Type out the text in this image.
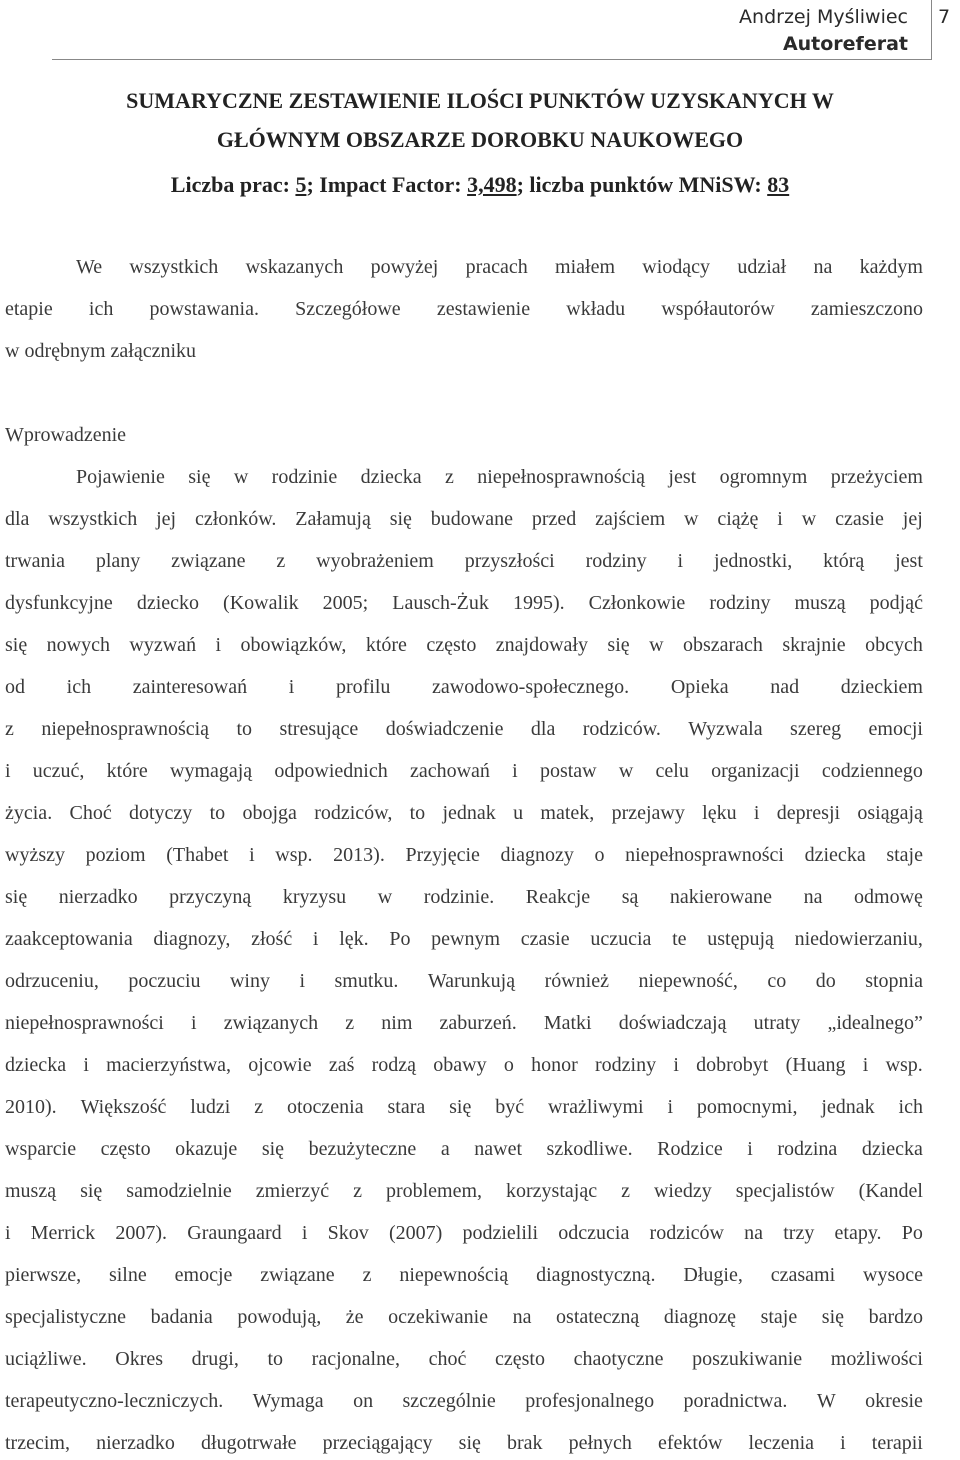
Andrzej Myśliwiec
Autoreferat
7
SUMARYCZNE ZESTAWIENIE ILOŚCI PUNKTÓW UZYSKANYCH W
GŁÓWNYM OBSZARZE DOROBKU NAUKOWEGO
Liczba prac: 5; Impact Factor: 3,498; liczba punktów MNiSW: 83
We wszystkich wskazanych powyżej pracach miałem wiodący udział na każdym
etapie ich powstawania. Szczegółowe zestawienie wkładu współautorów zamieszczono
w odrębnym załączniku
Wprowadzenie
Pojawienie się w rodzinie dziecka z niepełnosprawnością jest ogromnym przeżyciem
dla wszystkich jej członków. Załamują się budowane przed zajściem w ciążę i w czasie jej
trwania plany związane z wyobrażeniem przyszłości rodziny i jednostki, którą jest
dysfunkcyjne dziecko (Kowalik 2005; Lausch-Żuk 1995). Członkowie rodziny muszą podjąć
się nowych wyzwań i obowiązków, które często znajdowały się w obszarach skrajnie obcych
od ich zainteresowań i profilu zawodowo-społecznego. Opieka nad dzieckiem
z niepełnosprawnością to stresujące doświadczenie dla rodziców. Wyzwala szereg emocji
i uczuć, które wymagają odpowiednich zachowań i postaw w celu organizacji codziennego
życia. Choć dotyczy to obojga rodziców, to jednak u matek, przejawy lęku i depresji osiągają
wyższy poziom (Thabet i wsp. 2013). Przyjęcie diagnozy o niepełnosprawności dziecka staje
się nierzadko przyczyną kryzysu w rodzinie. Reakcje są nakierowane na odmowę
zaakceptowania diagnozy, złość i lęk. Po pewnym czasie uczucia te ustępują niedowierzaniu,
odrzuceniu, poczuciu winy i smutku. Warunkują również niepewność, co do stopnia
niepełnosprawności i związanych z nim zaburzeń. Matki doświadczają utraty „idealnego”
dziecka i macierzyństwa, ojcowie zaś rodzą obawy o honor rodziny i dobrobyt (Huang i wsp.
2010). Większość ludzi z otoczenia stara się być wrażliwymi i pomocnymi, jednak ich
wsparcie często okazuje się bezużyteczne a nawet szkodliwe. Rodzice i rodzina dziecka
muszą się samodzielnie zmierzyć z problemem, korzystając z wiedzy specjalistów (Kandel
i Merrick 2007). Graungaard i Skov (2007) podzielili odczucia rodziców na trzy etapy. Po
pierwsze, silne emocje związane z niepewnością diagnostyczną. Długie, czasami wysoce
specjalistyczne badania powodują, że oczekiwanie na ostateczną diagnozę staje się bardzo
uciążliwe. Okres drugi, to racjonalne, choć często chaotyczne poszukiwanie możliwości
terapeutyczno-leczniczych. Wymaga on szczególnie profesjonalnego poradnictwa. W okresie
trzecim, nierzadko długotrwałe przeciągający się brak pełnych efektów leczenia i terapii
